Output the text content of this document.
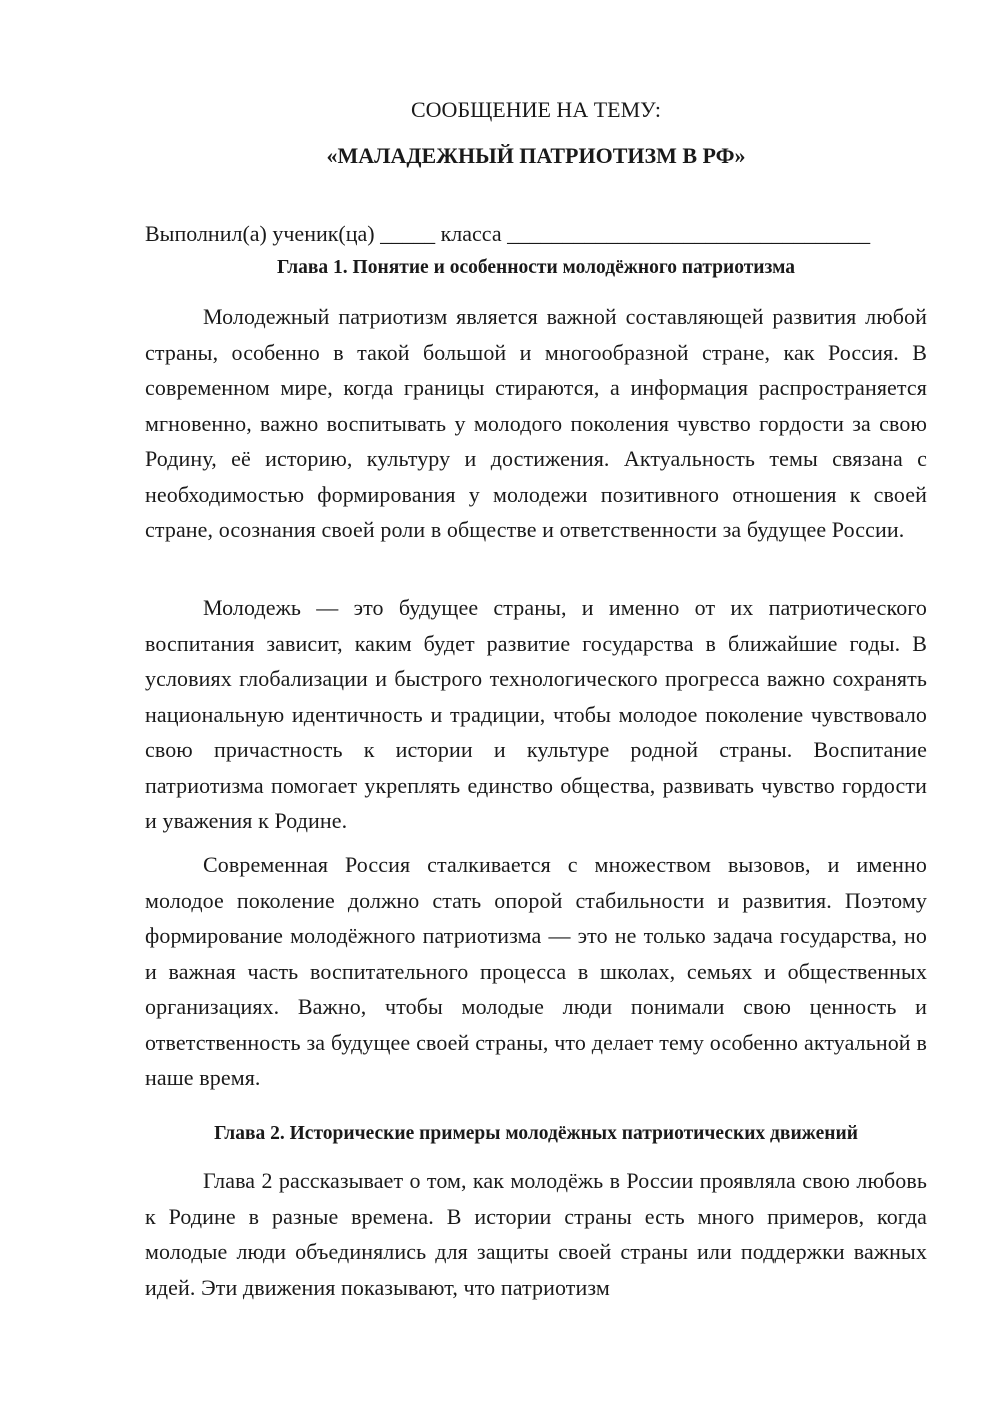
СООБЩЕНИЕ НА ТЕМУ:

«МАЛАДЕЖНЫЙ ПАТРИОТИЗМ В РФ»

Выполнил(а) ученик(ца) _____ класса _________________________________

Глава 1. Понятие и особенности молодёжного патриотизма

Молодежный патриотизм является важной составляющей развития любой страны, особенно в такой большой и многообразной стране, как Россия. В современном мире, когда границы стираются, а информация распространяется мгновенно, важно воспитывать у молодого поколения чувство гордости за свою Родину, её историю, культуру и достижения. Актуальность темы связана с необходимостью формирования у молодежи позитивного отношения к своей стране, осознания своей роли в обществе и ответственности за будущее России.

Молодежь — это будущее страны, и именно от их патриотического воспитания зависит, каким будет развитие государства в ближайшие годы. В условиях глобализации и быстрого технологического прогресса важно сохранять национальную идентичность и традиции, чтобы молодое поколение чувствовало свою причастность к истории и культуре родной страны. Воспитание патриотизма помогает укреплять единство общества, развивать чувство гордости и уважения к Родине.

Современная Россия сталкивается с множеством вызовов, и именно молодое поколение должно стать опорой стабильности и развития. Поэтому формирование молодёжного патриотизма — это не только задача государства, но и важная часть воспитательного процесса в школах, семьях и общественных организациях. Важно, чтобы молодые люди понимали свою ценность и ответственность за будущее своей страны, что делает тему особенно актуальной в наше время.

Глава 2. Исторические примеры молодёжных патриотических движений

Глава 2 рассказывает о том, как молодёжь в России проявляла свою любовь к Родине в разные времена. В истории страны есть много примеров, когда молодые люди объединялись для защиты своей страны или поддержки важных идей. Эти движения показывают, что патриотизм
